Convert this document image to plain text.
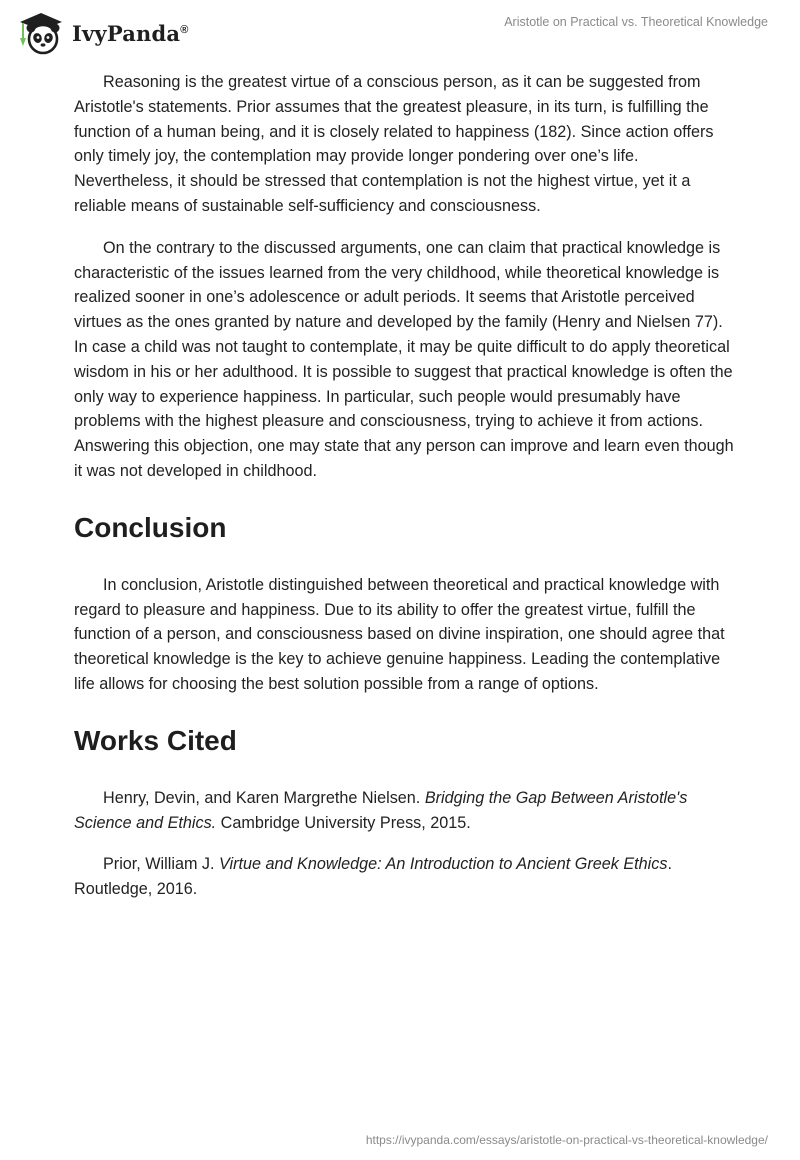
IvyPanda®
Aristotle on Practical vs. Theoretical Knowledge

Reasoning is the greatest virtue of a conscious person, as it can be suggested from Aristotle's statements. Prior assumes that the greatest pleasure, in its turn, is fulfilling the function of a human being, and it is closely related to happiness (182). Since action offers only timely joy, the contemplation may provide longer pondering over one’s life. Nevertheless, it should be stressed that contemplation is not the highest virtue, yet it a reliable means of sustainable self-sufficiency and consciousness.

On the contrary to the discussed arguments, one can claim that practical knowledge is characteristic of the issues learned from the very childhood, while theoretical knowledge is realized sooner in one’s adolescence or adult periods. It seems that Aristotle perceived virtues as the ones granted by nature and developed by the family (Henry and Nielsen 77). In case a child was not taught to contemplate, it may be quite difficult to do apply theoretical wisdom in his or her adulthood. It is possible to suggest that practical knowledge is often the only way to experience happiness. In particular, such people would presumably have problems with the highest pleasure and consciousness, trying to achieve it from actions. Answering this objection, one may state that any person can improve and learn even though it was not developed in childhood.

Conclusion

In conclusion, Aristotle distinguished between theoretical and practical knowledge with regard to pleasure and happiness. Due to its ability to offer the greatest virtue, fulfill the function of a person, and consciousness based on divine inspiration, one should agree that theoretical knowledge is the key to achieve genuine happiness. Leading the contemplative life allows for choosing the best solution possible from a range of options.

Works Cited

Henry, Devin, and Karen Margrethe Nielsen. Bridging the Gap Between Aristotle's Science and Ethics. Cambridge University Press, 2015.

Prior, William J. Virtue and Knowledge: An Introduction to Ancient Greek Ethics. Routledge, 2016.

https://ivypanda.com/essays/aristotle-on-practical-vs-theoretical-knowledge/
